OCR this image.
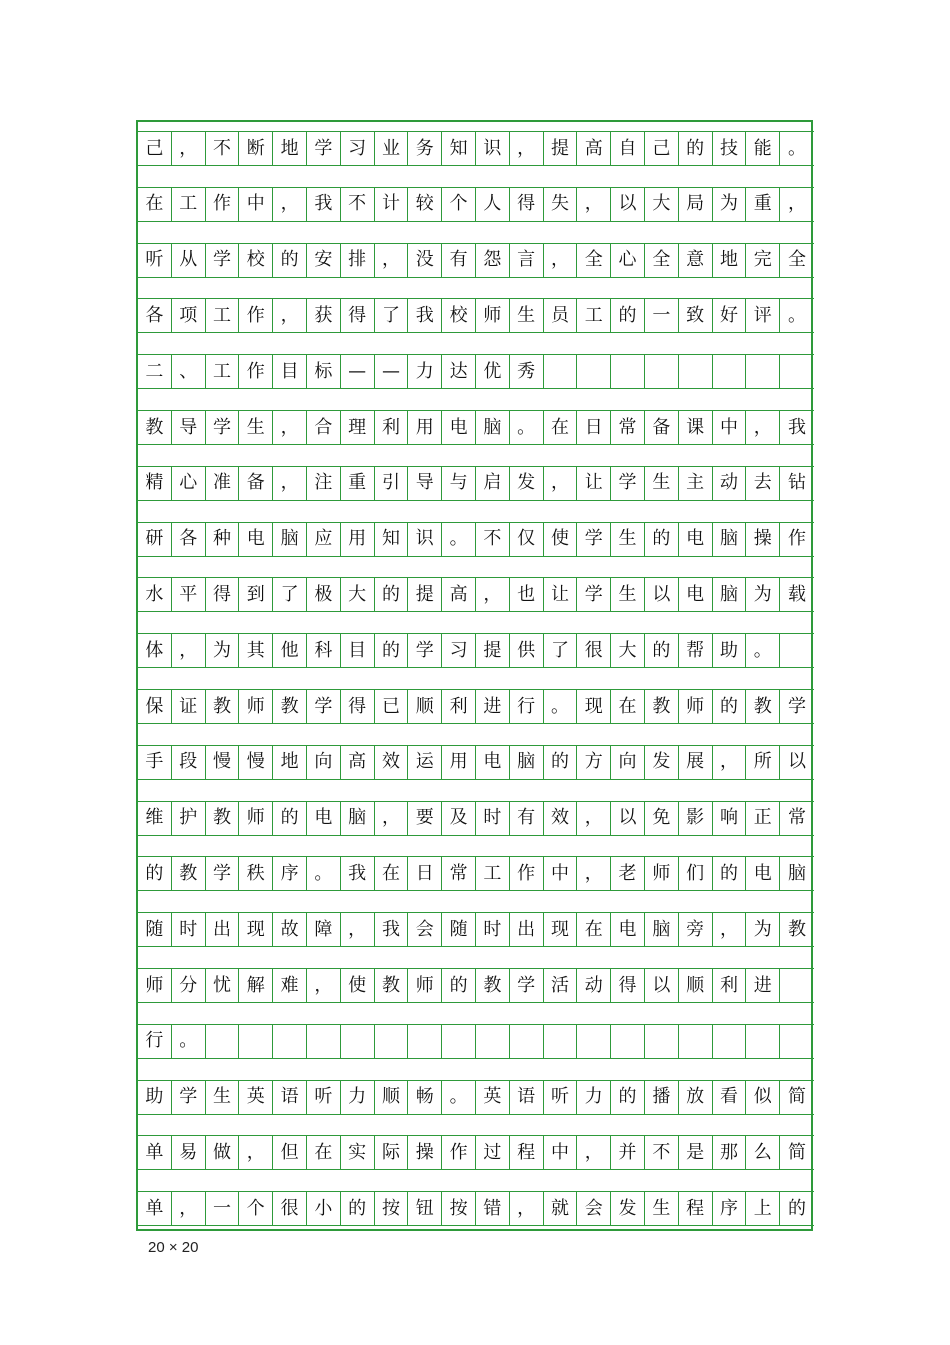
己 ， 不 断 地 学 习 业 务 知 识 ， 提 高 自 己 的 技 能 。
在 工 作 中 ， 我 不 计 较 个 人 得 失 ， 以 大 局 为 重 ，
听 从 学 校 的 安 排 ， 没 有 怨 言 ， 全 心 全 意 地 完 全
各 项 工 作 ， 获 得 了 我 校 师 生 员 工 的 一 致 好 评 。
二 、 工 作 目 标 — — 力 达 优 秀
教 导 学 生 ， 合 理 利 用 电 脑 。 在 日 常 备 课 中 ， 我
精 心 准 备 ， 注 重 引 导 与 启 发 ， 让 学 生 主 动 去 钻
研 各 种 电 脑 应 用 知 识 。 不 仅 使 学 生 的 电 脑 操 作
水 平 得 到 了 极 大 的 提 高 ， 也 让 学 生 以 电 脑 为 载
体 ， 为 其 他 科 目 的 学 习 提 供 了 很 大 的 帮 助 。
保 证 教 师 教 学 得 已 顺 利 进 行 。 现 在 教 师 的 教 学
手 段 慢 慢 地 向 高 效 运 用 电 脑 的 方 向 发 展 ， 所 以
维 护 教 师 的 电 脑 ， 要 及 时 有 效 ， 以 免 影 响 正 常
的 教 学 秩 序 。 我 在 日 常 工 作 中 ， 老 师 们 的 电 脑
随 时 出 现 故 障 ， 我 会 随 时 出 现 在 电 脑 旁 ， 为 教
师 分 忧 解 难 ， 使 教 师 的 教 学 活 动 得 以 顺 利 进
行 。
助 学 生 英 语 听 力 顺 畅 。 英 语 听 力 的 播 放 看 似 简
单 易 做 ， 但 在 实 际 操 作 过 程 中 ， 并 不 是 那 么 简
单 ， 一 个 很 小 的 按 钮 按 错 ， 就 会 发 生 程 序 上 的
20 × 20
